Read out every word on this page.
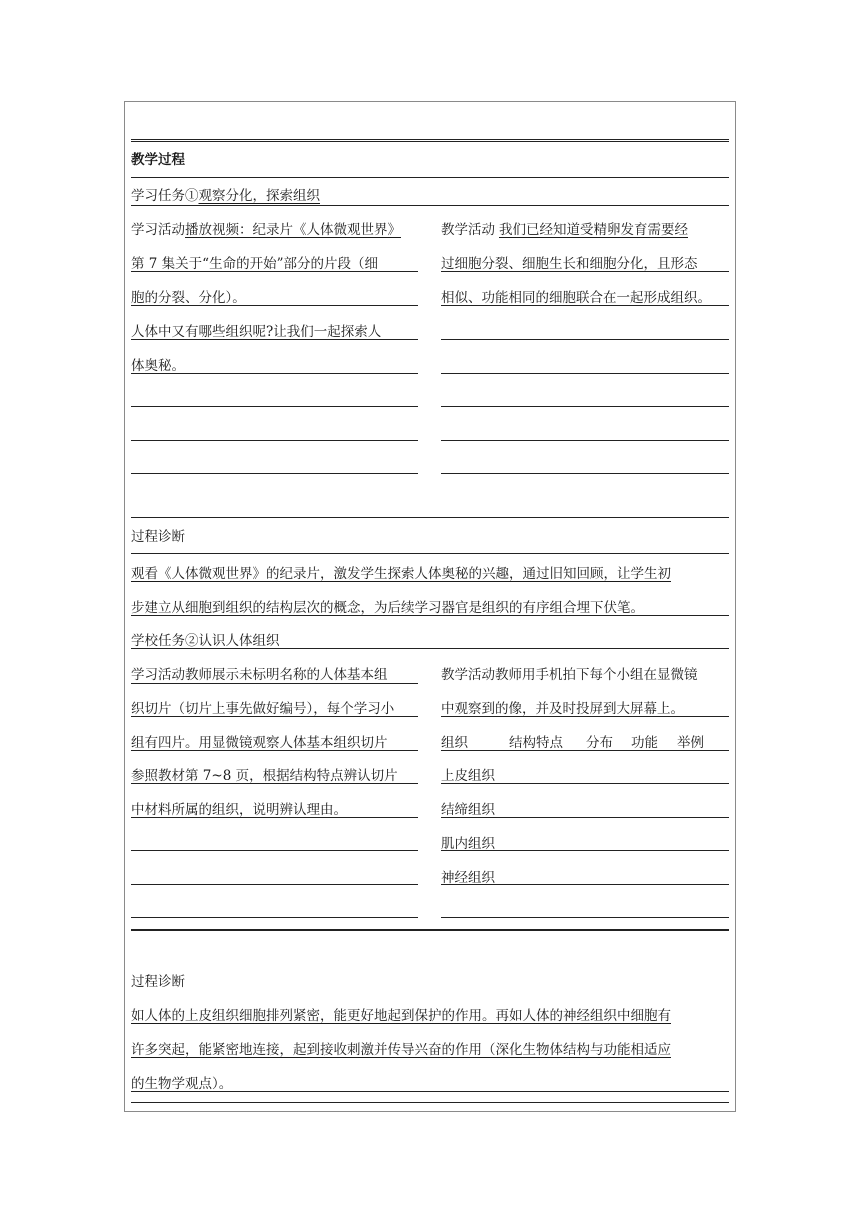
教学过程
学习任务①观察分化，探索组织
学习活动播放视频：纪录片《人体微观世界》
第 7 集关于“生命的开始”部分的片段（细
胞的分裂、分化）。
人体中又有哪些组织呢?让我们一起探索人
体奥秘。
教学活动 我们已经知道受精卵发育需要经
过细胞分裂、细胞生长和细胞分化，且形态
相似、功能相同的细胞联合在一起形成组织。
过程诊断
观看《人体微观世界》的纪录片，激发学生探索人体奥秘的兴趣，通过旧知回顾，让学生初
步建立从细胞到组织的结构层次的概念，为后续学习器官是组织的有序组合埋下伏笔。
学校任务②认识人体组织
学习活动教师展示未标明名称的人体基本组
织切片（切片上事先做好编号），每个学习小
组有四片。用显微镜观察人体基本组织切片
参照教材第 7~8 页，根据结构特点辨认切片
中材料所属的组织，说明辨认理由。
教学活动教师用手机拍下每个小组在显微镜
中观察到的像，并及时投屏到大屏幕上。
组织	结构特点 分布 功能 举例
上皮组织
结缔组织
肌内组织
神经组织
过程诊断
如人体的上皮组织细胞排列紧密，能更好地起到保护的作用。再如人体的神经组织中细胞有
许多突起，能紧密地连接，起到接收刺激并传导兴奋的作用（深化生物体结构与功能相适应
的生物学观点）。
